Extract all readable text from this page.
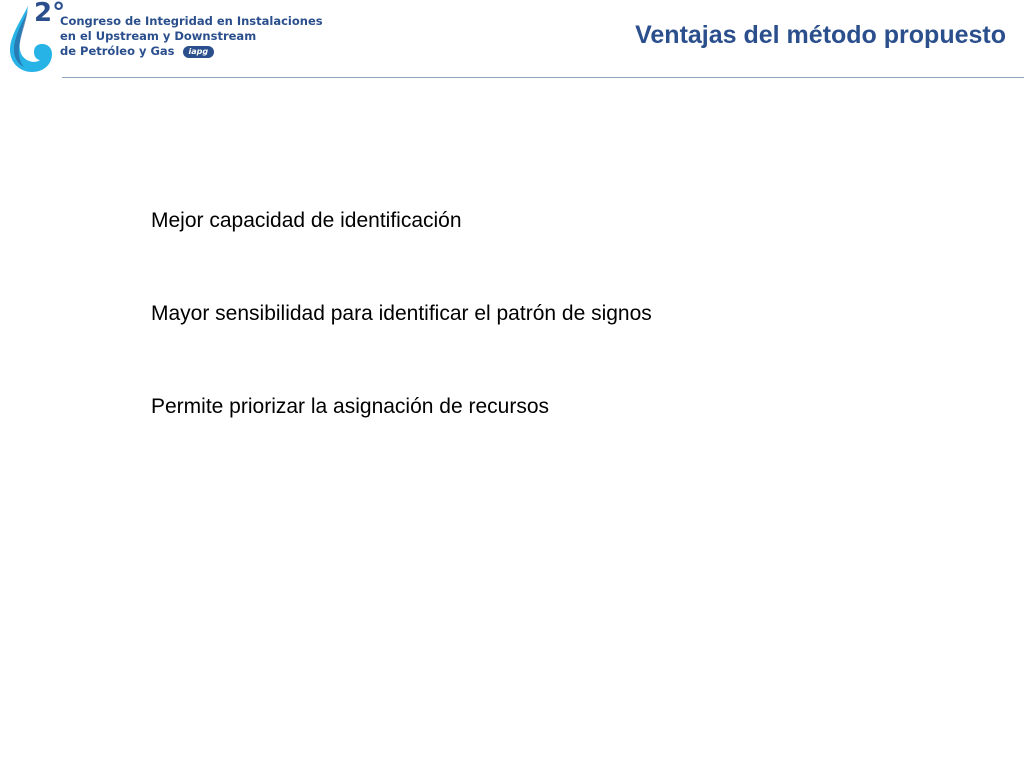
2°
Congreso de Integridad en Instalaciones
en el Upstream y Downstream
de Petróleo y Gas iapg
Ventajas del método propuesto
Mejor capacidad de identificación
Mayor sensibilidad para identificar el patrón de signos
Permite priorizar la asignación de recursos
